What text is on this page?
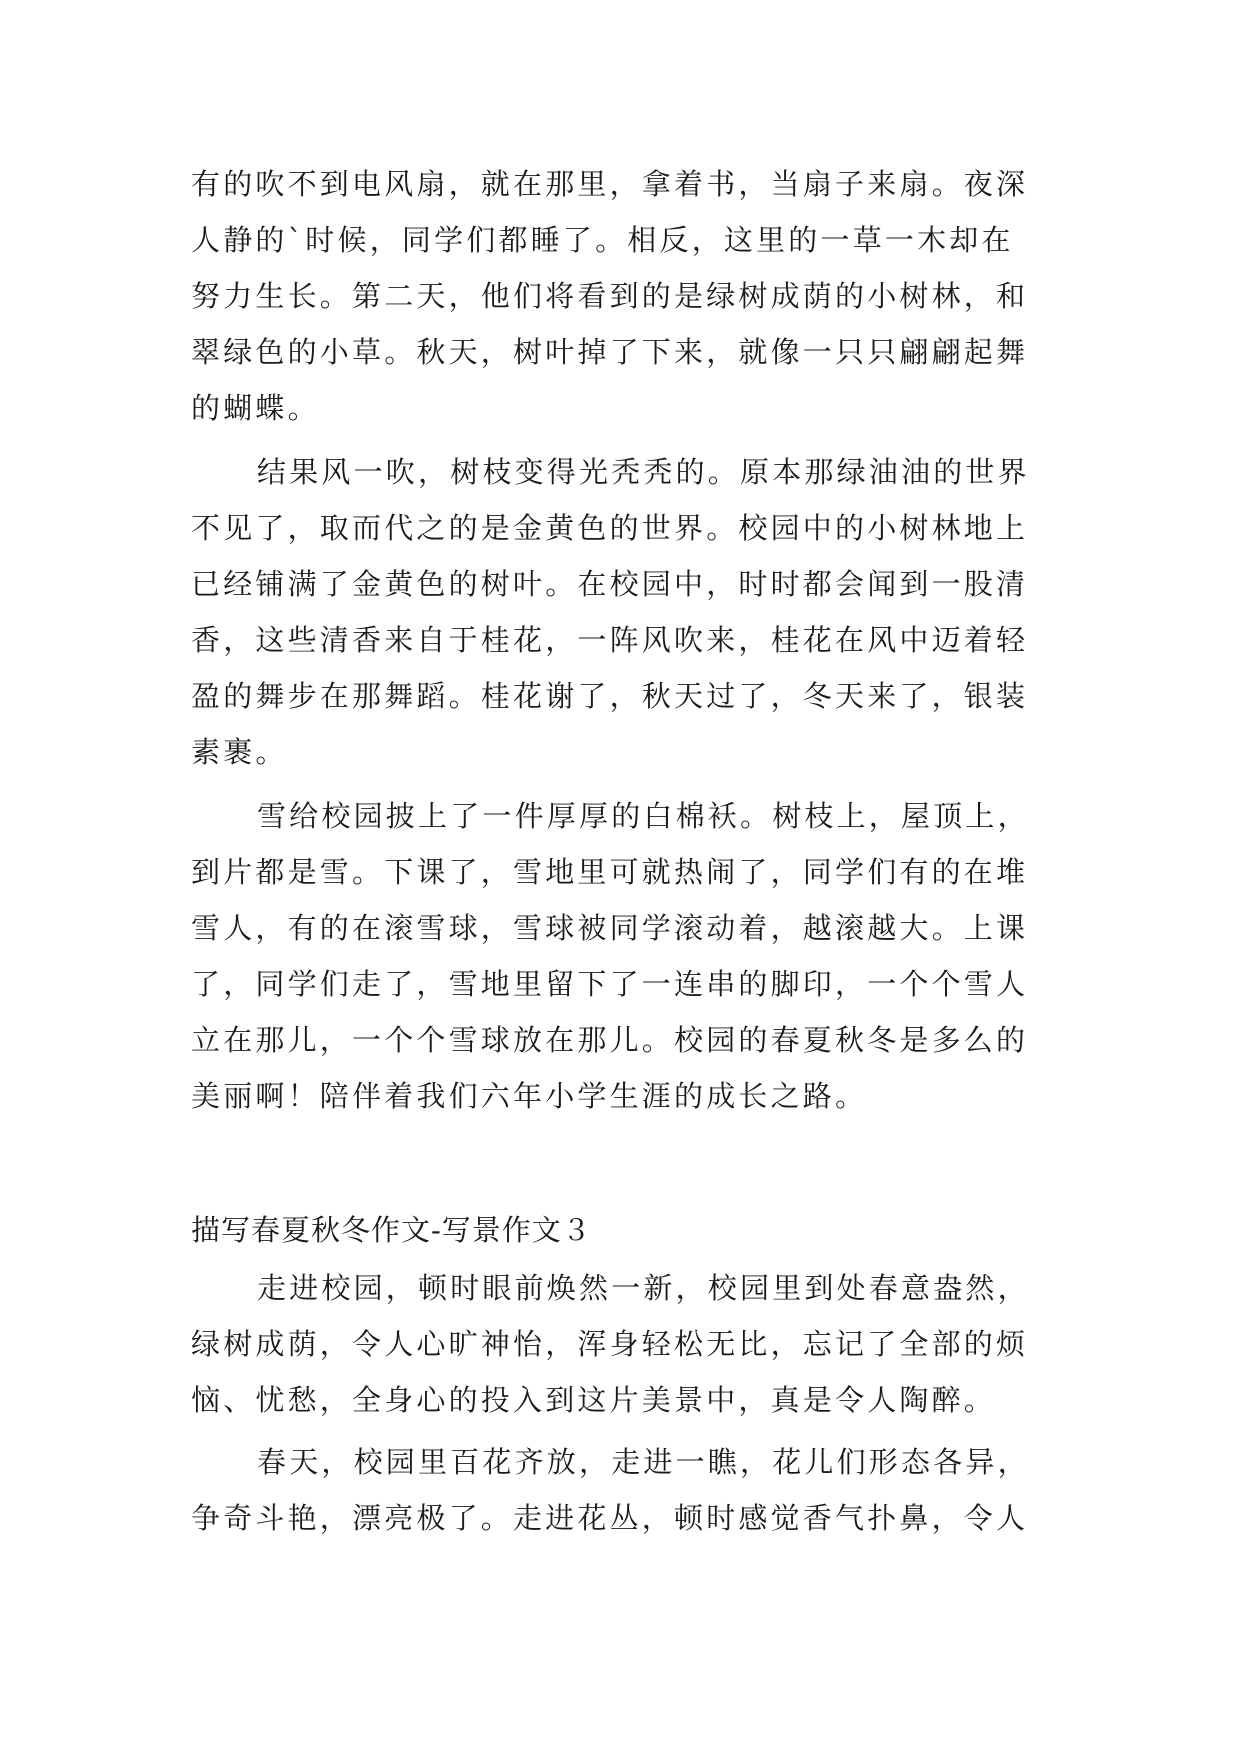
有的吹不到电风扇，就在那里，拿着书，当扇子来扇。夜深
人静的`时候，同学们都睡了。相反，这里的一草一木却在
努力生长。第二天，他们将看到的是绿树成荫的小树林，和
翠绿色的小草。秋天，树叶掉了下来，就像一只只翩翩起舞
的蝴蝶。
结果风一吹，树枝变得光秃秃的。原本那绿油油的世界
不见了，取而代之的是金黄色的世界。校园中的小树林地上
已经铺满了金黄色的树叶。在校园中，时时都会闻到一股清
香，这些清香来自于桂花，一阵风吹来，桂花在风中迈着轻
盈的舞步在那舞蹈。桂花谢了，秋天过了，冬天来了，银装
素裹。
雪给校园披上了一件厚厚的白棉袄。树枝上，屋顶上，
到片都是雪。下课了，雪地里可就热闹了，同学们有的在堆
雪人，有的在滚雪球，雪球被同学滚动着，越滚越大。上课
了，同学们走了，雪地里留下了一连串的脚印，一个个雪人
立在那儿，一个个雪球放在那儿。校园的春夏秋冬是多么的
美丽啊！陪伴着我们六年小学生涯的成长之路。
描写春夏秋冬作文-写景作文３
走进校园，顿时眼前焕然一新，校园里到处春意盎然，
绿树成荫，令人心旷神怡，浑身轻松无比，忘记了全部的烦
恼、忧愁，全身心的投入到这片美景中，真是令人陶醉。
春天，校园里百花齐放，走进一瞧，花儿们形态各异，
争奇斗艳，漂亮极了。走进花丛，顿时感觉香气扑鼻，令人
